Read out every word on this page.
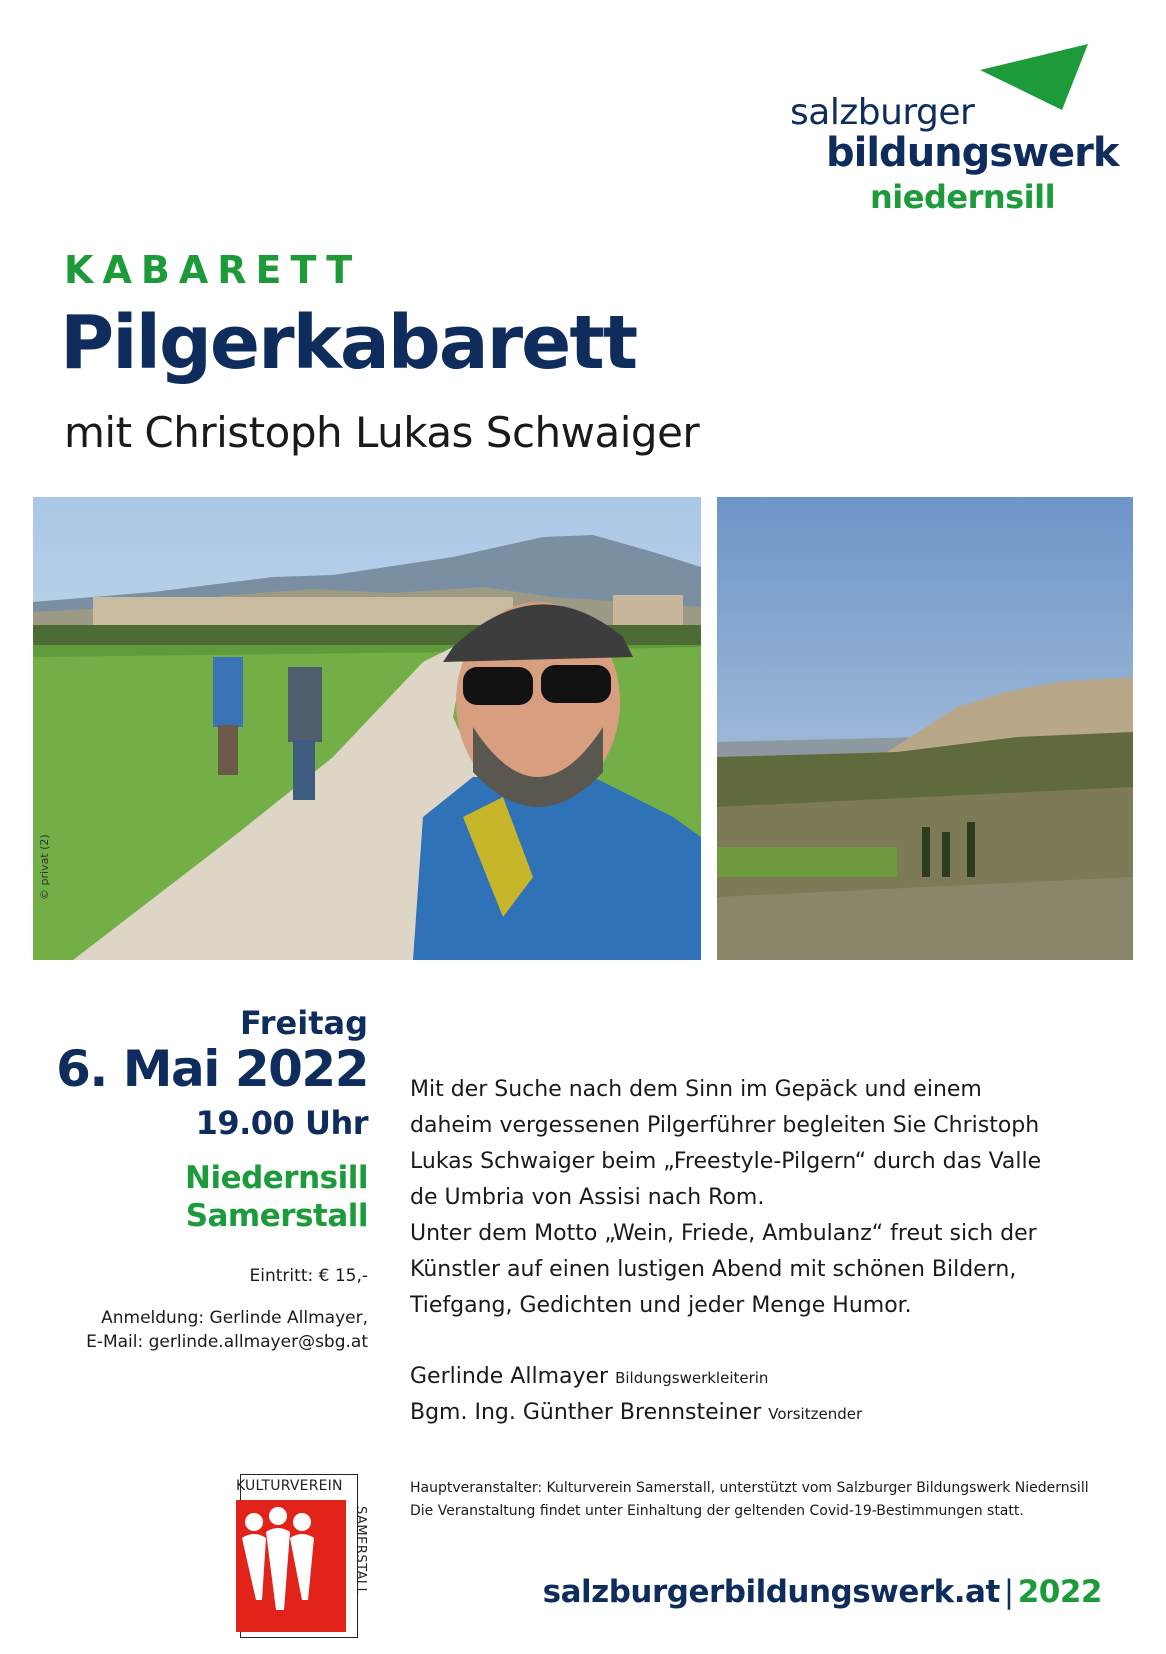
salzburger
bildungswerk
niedernsill
KABARETT
Pilgerkabarett
mit Christoph Lukas Schwaiger
© privat (2)
Freitag
6. Mai 2022
19.00 Uhr
Niedernsill
Samerstall
Eintritt: € 15,-
Anmeldung: Gerlinde Allmayer,
E-Mail: gerlinde.allmayer@sbg.at

Mit der Suche nach dem Sinn im Gepäck und einem daheim vergessenen Pilgerführer begleiten Sie Christoph Lukas Schwaiger beim „Freestyle-Pilgern“ durch das Valle de Umbria von Assisi nach Rom.

Unter dem Motto „Wein, Friede, Ambulanz“ freut sich der Künstler auf einen lustigen Abend mit schönen Bildern, Tiefgang, Gedichten und jeder Menge Humor.

Gerlinde Allmayer Bildungswerkleiterin
Bgm. Ing. Günther Brennsteiner Vorsitzender
KULTURVEREIN
SAMERSTALL
Hauptveranstalter: Kulturverein Samerstall, unterstützt vom Salzburger Bildungswerk Niedernsill
Die Veranstaltung findet unter Einhaltung der geltenden Covid-19-Bestimmungen statt.
salzburgerbildungswerk.at | 2022
